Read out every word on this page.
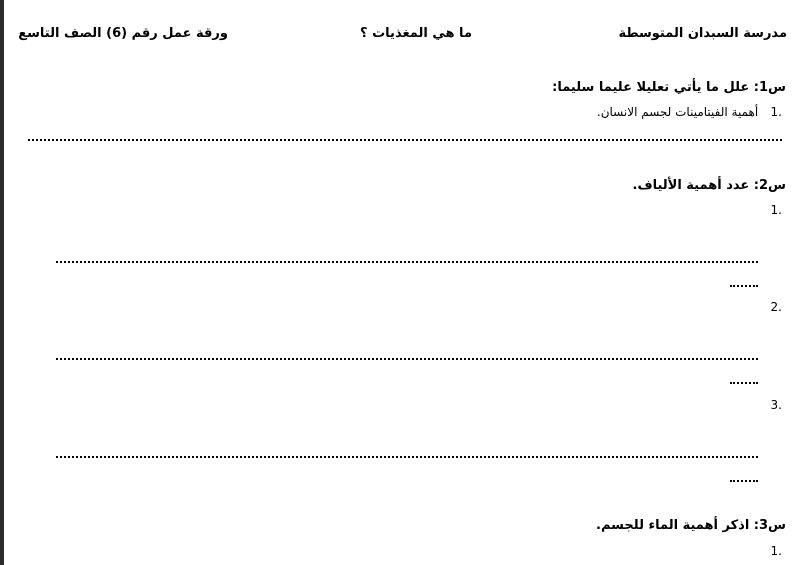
مدرسة السبدان المتوسطة
ما هي المغذيات ؟
ورقة عمل رقم (6) الصف التاسع
س1: علل ما يأتي تعليلا عليما سليما:
.1 أهمية الفيتامينات لجسم الانسان.
س2: عدد أهمية الألياف.
.1
.2
.3
س3: اذكر أهمية الماء للجسم.
.1
